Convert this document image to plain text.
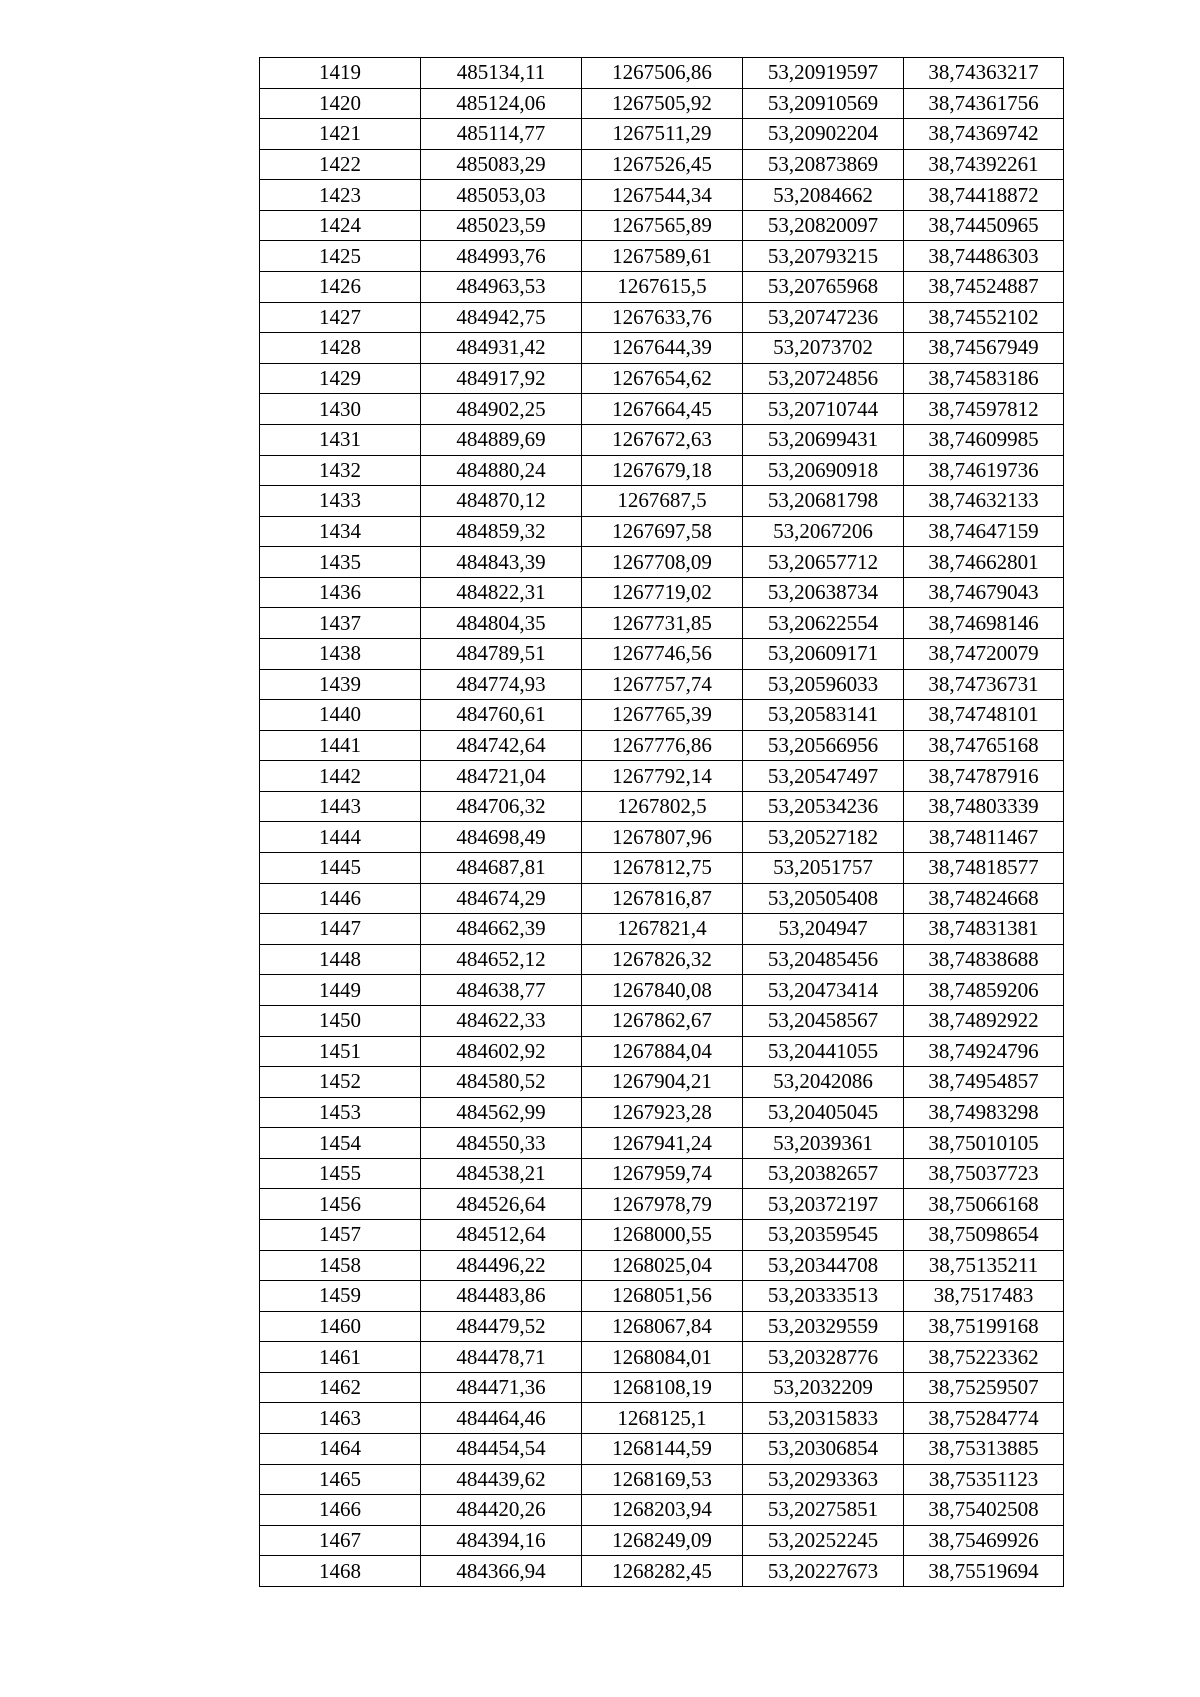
1419	485134,11	1267506,86	53,20919597	38,74363217
1420	485124,06	1267505,92	53,20910569	38,74361756
1421	485114,77	1267511,29	53,20902204	38,74369742
1422	485083,29	1267526,45	53,20873869	38,74392261
1423	485053,03	1267544,34	53,2084662	38,74418872
1424	485023,59	1267565,89	53,20820097	38,74450965
1425	484993,76	1267589,61	53,20793215	38,74486303
1426	484963,53	1267615,5	53,20765968	38,74524887
1427	484942,75	1267633,76	53,20747236	38,74552102
1428	484931,42	1267644,39	53,2073702	38,74567949
1429	484917,92	1267654,62	53,20724856	38,74583186
1430	484902,25	1267664,45	53,20710744	38,74597812
1431	484889,69	1267672,63	53,20699431	38,74609985
1432	484880,24	1267679,18	53,20690918	38,74619736
1433	484870,12	1267687,5	53,20681798	38,74632133
1434	484859,32	1267697,58	53,2067206	38,74647159
1435	484843,39	1267708,09	53,20657712	38,74662801
1436	484822,31	1267719,02	53,20638734	38,74679043
1437	484804,35	1267731,85	53,20622554	38,74698146
1438	484789,51	1267746,56	53,20609171	38,74720079
1439	484774,93	1267757,74	53,20596033	38,74736731
1440	484760,61	1267765,39	53,20583141	38,74748101
1441	484742,64	1267776,86	53,20566956	38,74765168
1442	484721,04	1267792,14	53,20547497	38,74787916
1443	484706,32	1267802,5	53,20534236	38,74803339
1444	484698,49	1267807,96	53,20527182	38,74811467
1445	484687,81	1267812,75	53,2051757	38,74818577
1446	484674,29	1267816,87	53,20505408	38,74824668
1447	484662,39	1267821,4	53,204947	38,74831381
1448	484652,12	1267826,32	53,20485456	38,74838688
1449	484638,77	1267840,08	53,20473414	38,74859206
1450	484622,33	1267862,67	53,20458567	38,74892922
1451	484602,92	1267884,04	53,20441055	38,74924796
1452	484580,52	1267904,21	53,2042086	38,74954857
1453	484562,99	1267923,28	53,20405045	38,74983298
1454	484550,33	1267941,24	53,2039361	38,75010105
1455	484538,21	1267959,74	53,20382657	38,75037723
1456	484526,64	1267978,79	53,20372197	38,75066168
1457	484512,64	1268000,55	53,20359545	38,75098654
1458	484496,22	1268025,04	53,20344708	38,75135211
1459	484483,86	1268051,56	53,20333513	38,7517483
1460	484479,52	1268067,84	53,20329559	38,75199168
1461	484478,71	1268084,01	53,20328776	38,75223362
1462	484471,36	1268108,19	53,2032209	38,75259507
1463	484464,46	1268125,1	53,20315833	38,75284774
1464	484454,54	1268144,59	53,20306854	38,75313885
1465	484439,62	1268169,53	53,20293363	38,75351123
1466	484420,26	1268203,94	53,20275851	38,75402508
1467	484394,16	1268249,09	53,20252245	38,75469926
1468	484366,94	1268282,45	53,20227673	38,75519694
